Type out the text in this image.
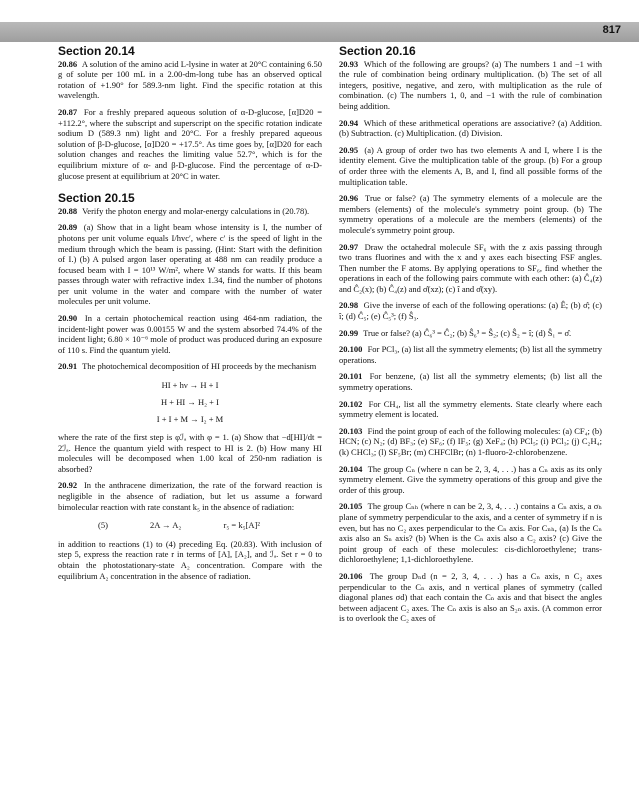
817
Section 20.14

20.86 A solution of the amino acid L-lysine in water at 20°C containing 6.50 g of solute per 100 mL in a 2.00-dm-long tube has an observed optical rotation of +1.90° for 589.3-nm light. Find the specific rotation at this wavelength.

20.87 For a freshly prepared aqueous solution of α-D-glucose, [α]D20 = +112.2°, where the subscript and superscript on the specific rotation indicate sodium D (589.3 nm) light and 20°C. For a freshly prepared aqueous solution of β-D-glucose, [α]D20 = +17.5°. As time goes by, [α]D20 for each solution changes and reaches the limiting value 52.7°, which is for the equilibrium mixture of α- and β-D-glucose. Find the percentage of α-D-glucose present at equilibrium at 20°C in water.

Section 20.15

20.88 Verify the photon energy and molar-energy calculations in (20.78).

20.89 (a) Show that in a light beam whose intensity is I, the number of photons per unit volume equals I/hvc′, where c′ is the speed of light in the medium through which the beam is passing. (Hint: Start with the definition of I.) (b) A pulsed argon laser operating at 488 nm can readily produce a focused beam with I = 10¹³ W/m², where W stands for watts. If this beam passes through water with refractive index 1.34, find the number of photons per unit volume in the water and compare with the number of water molecules per unit volume.

20.90 In a certain photochemical reaction using 464-nm radiation, the incident-light power was 0.00155 W and the system absorbed 74.4% of the incident light; 6.80 × 10⁻⁶ mole of product was produced during an exposure of 110 s. Find the quantum yield.

20.91 The photochemical decomposition of HI proceeds by the mechanism

HI + hν → H + I
H + HI → H₂ + I
I + I + M → I₂ + M

where the rate of the first step is φℐₐ with φ = 1. (a) Show that −d[HI]/dt = 2ℐₐ. Hence the quantum yield with respect to HI is 2. (b) How many HI molecules will be decomposed when 1.00 kcal of 250-nm radiation is absorbed?

20.92 In the anthracene dimerization, the rate of the forward reaction is negligible in the absence of radiation, but let us assume a forward bimolecular reaction with rate constant k₅ in the absence of radiation:

(5)	2A → A₂	r₅ = k₅[A]²

in addition to reactions (1) to (4) preceding Eq. (20.83). With inclusion of step 5, express the reaction rate r in terms of [A], [A₂], and ℐₐ. Set r = 0 to obtain the photostationary-state A₂ concentration. Compare with the equilibrium A₂ concentration in the absence of radiation.

Section 20.16

20.93 Which of the following are groups? (a) The numbers 1 and −1 with the rule of combination being ordinary multiplication. (b) The set of all integers, positive, negative, and zero, with multiplication as the rule of combination. (c) The numbers 1, 0, and −1 with the rule of combination being addition.

20.94 Which of these arithmetical operations are associative? (a) Addition. (b) Subtraction. (c) Multiplication. (d) Division.

20.95 (a) A group of order two has two elements A and I, where I is the identity element. Give the multiplication table of the group. (b) For a group of order three with the elements A, B, and I, find all possible forms of the multiplication table.

20.96 True or false? (a) The symmetry elements of a molecule are the members (elements) of the molecule's symmetry point group. (b) The symmetry operations of a molecule are the members (elements) of the molecule's symmetry point group.

20.97 Draw the octahedral molecule SF₆ with the z axis passing through two trans fluorines and with the x and y axes each bisecting FSF angles. Then number the F atoms. By applying operations to SF₆, find whether the operations in each of the following pairs commute with each other: (a) Ĉ₄(z) and Ĉ₂(x); (b) Ĉ₄(z) and σ̂(xz); (c) î and σ̂(xy).

20.98 Give the inverse of each of the following operations: (a) Ê; (b) σ̂; (c) î; (d) Ĉ₅; (e) Ĉ₅³; (f) Ŝ₃.

20.99 True or false? (a) Ĉ₆³ = Ĉ₂; (b) Ŝ₆³ = Ŝ₂; (c) Ŝ₂ = î; (d) Ŝ₁ = σ̂.

20.100 For PCl₃, (a) list all the symmetry elements; (b) list all the symmetry operations.

20.101 For benzene, (a) list all the symmetry elements; (b) list all the symmetry operations.

20.102 For CH₄, list all the symmetry elements. State clearly where each symmetry element is located.

20.103 Find the point group of each of the following molecules: (a) CF₄; (b) HCN; (c) N₂; (d) BF₃; (e) SF₆; (f) IF₅; (g) XeF₄; (h) PCl₅; (i) PCl₃; (j) C₂H₄; (k) CHCl₃; (l) SF₅Br; (m) CHFClBr; (n) 1-fluoro-2-chlorobenzene.

20.104 The group Cₙ (where n can be 2, 3, 4, . . .) has a Cₙ axis as its only symmetry element. Give the symmetry operations of this group and give the order of this group.

20.105 The group Cₙₕ (where n can be 2, 3, 4, . . .) contains a Cₙ axis, a σₕ plane of symmetry perpendicular to the axis, and a center of symmetry if n is even, but has no C₂ axes perpendicular to the Cₙ axis. For Cₙₕ, (a) Is the Cₙ axis also an Sₙ axis? (b) When is the Cₙ axis also a C₂ axis? (c) Give the point group of each of these molecules: cis-dichloroethylene; trans-dichloroethylene; 1,1-dichloroethylene.

20.106 The group Dₙd (n = 2, 3, 4, . . .) has a Cₙ axis, n C₂ axes perpendicular to the Cₙ axis, and n vertical planes of symmetry (called diagonal planes σd) that each contain the Cₙ axis and that bisect the angles between adjacent C₂ axes. The Cₙ axis is also an S₂ₙ axis. (A common error is to overlook the C₂ axes of
